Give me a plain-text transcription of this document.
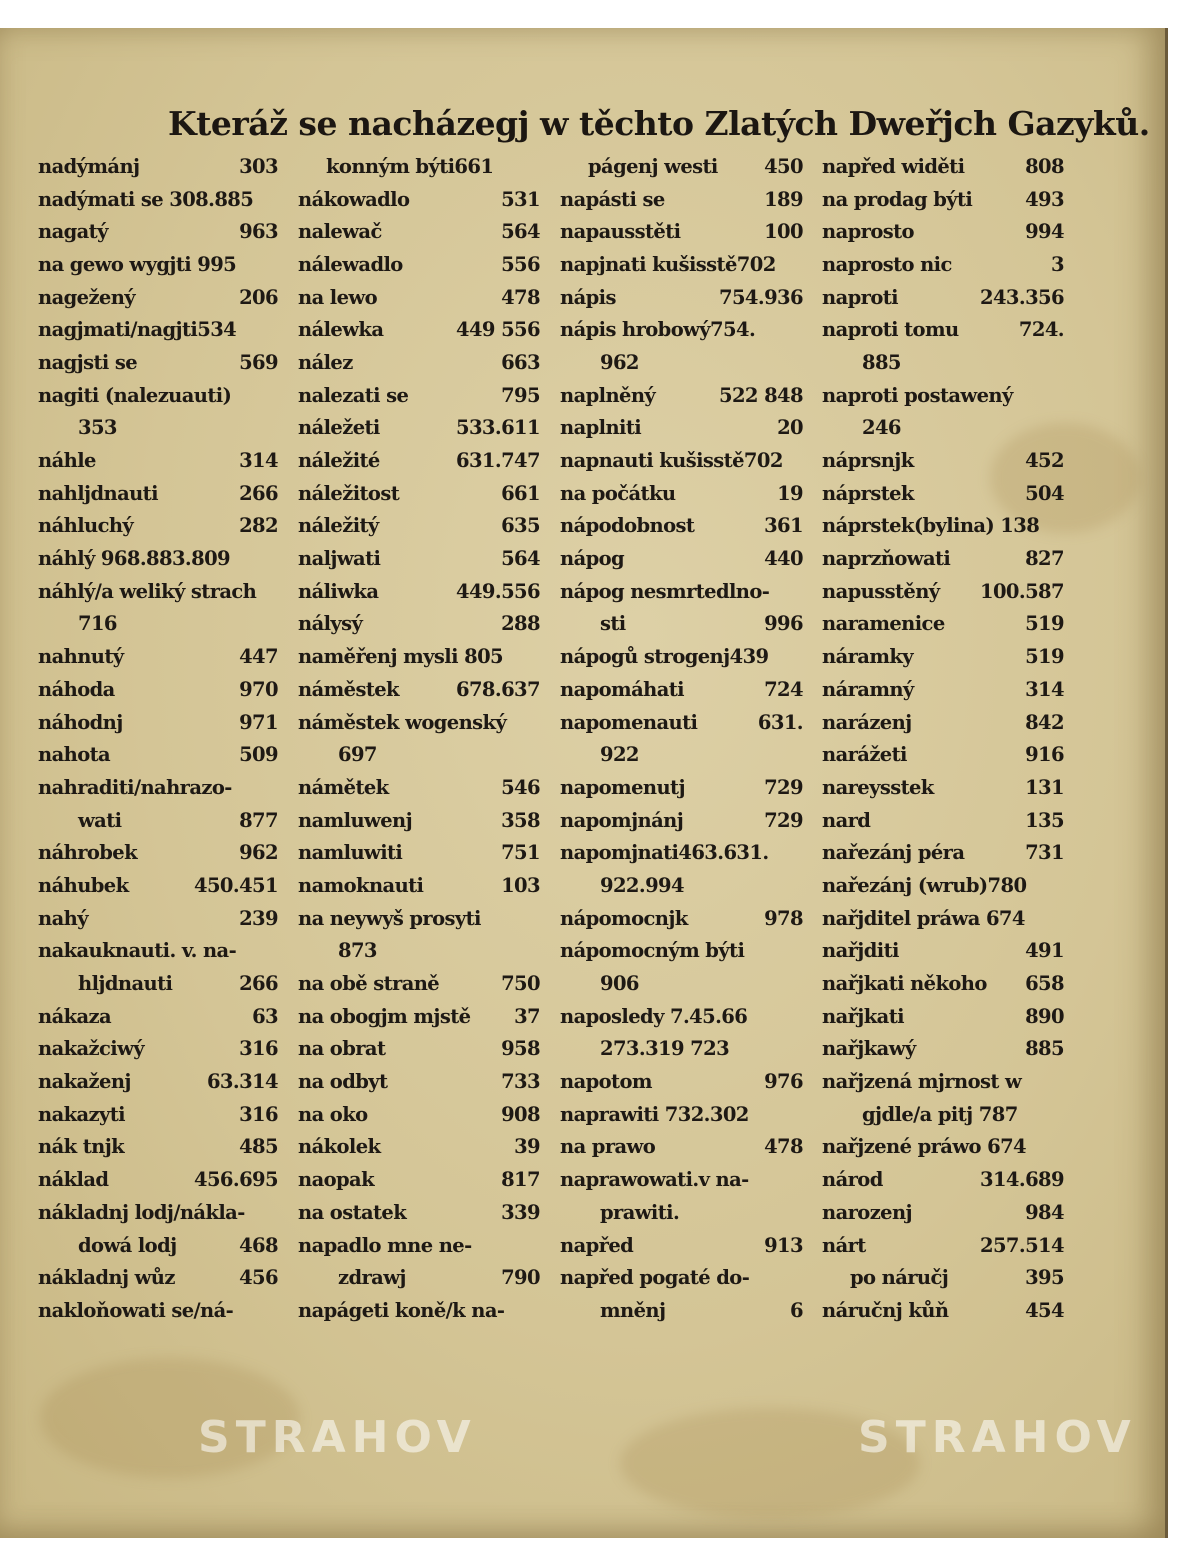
Kteráž se nacházegj w těchto Zlatých Dweřjch Gazyků.
nadýmánj	303
nadýmati se 308.885
nagatý	963
na gewo wygjti 995
nagežený	206
nagjmati/nagjti534
nagjsti se	569
nagiti (nalezuauti)
353
náhle	314
nahljdnauti	266
náhluchý	282
náhlý 968.883.809
náhlý/a weliký strach
716
nahnutý	447
náhoda	970
náhodnj	971
nahota	509
nahraditi/nahrazo-
wati	877
náhrobek	962
náhubek	450.451
nahý	239
nakauknauti. v. na-
hljdnauti	266
nákaza	63
nakažciwý	316
nakaženj	63.314
nakazyti	316
nák tnjk	485
náklad	456.695
nákladnj lodj/nákla-
dowá lodj	468
nákladnj wůz	456
nakloňowati se/ná-
konným býti661
nákowadlo	531
nalewač	564
nálewadlo	556
na lewo	478
nálewka	449 556
nález	663
nalezati se	795
náležeti	533.611
náležité	631.747
náležitost	661
náležitý	635
naljwati	564
náliwka	449.556
nálysý	288
naměřenj mysli 805
náměstek	678.637
náměstek wogenský
697
námětek	546
namluwenj	358
namluwiti	751
namoknauti	103
na neywyš prosyti
873
na obě straně	750
na obogjm mjstě	37
na obrat	958
na odbyt	733
na oko	908
nákolek	39
naopak	817
na ostatek	339
napadlo mne ne-
zdrawj	790
napágeti koně/k na-
págenj westi	450
napásti se	189
napausstěti	100
napjnati kušisstě702
nápis	754.936
nápis hrobowý754.
962
naplněný	522 848
naplniti	20
napnauti kušisstě702
na počátku	19
nápodobnost	361
nápog	440
nápog nesmrtedlno-
sti	996
nápogů strogenj439
napomáhati	724
napomenauti	631.
922
napomenutj	729
napomjnánj	729
napomjnati463.631.
922.994
nápomocnjk	978
nápomocným býti
906
naposledy 7.45.66
273.319 723
napotom	976
naprawiti 732.302
na prawo	478
naprawowati.v na-
prawiti.
napřed	913
napřed pogaté do-
mněnj	6
napřed widěti	808
na prodag býti	493
naprosto	994
naprosto nic	3
naproti	243.356
naproti tomu	724.
885
naproti postawený
246
náprsnjk	452
náprstek	504
náprstek(bylina) 138
naprzňowati	827
napusstěný	100.587
naramenice	519
náramky	519
náramný	314
narázenj	842
narážeti	916
nareysstek	131
nard	135
nařezánj péra	731
nařezánj (wrub)780
nařjditel práwa 674
nařjditi	491
nařjkati někoho	658
nařjkati	890
nařjkawý	885
nařjzená mjrnost w
gjdle/a pitj 787
nařjzené práwo 674
národ	314.689
narozenj	984
nárt	257.514
po náručj	395
náručnj kůň	454
STRAHOV	STRAHOV
